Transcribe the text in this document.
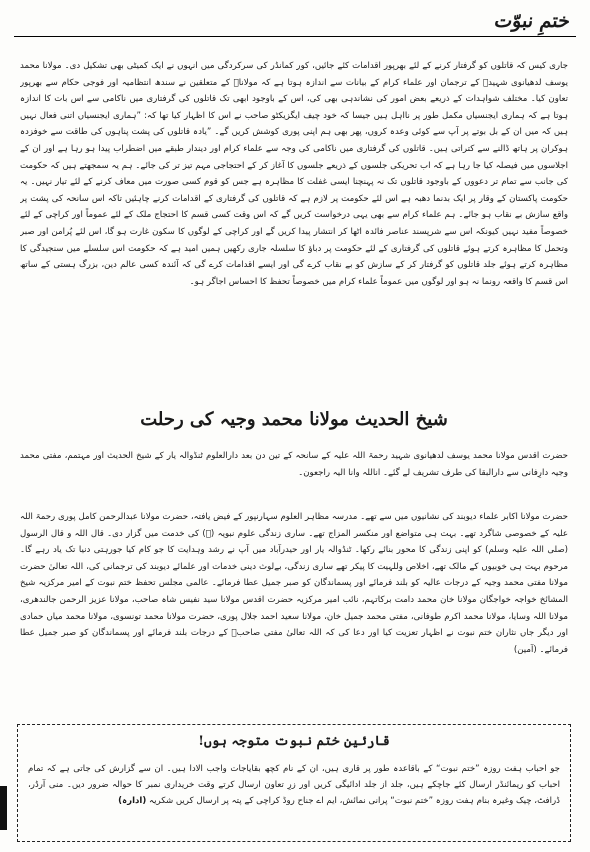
ختمِ نبوّت

جاری کیس کہ قاتلوں کو گرفتار کرنے کے لئے بھرپور اقدامات کئے جائیں، کور کمانڈر کی سرکردگی میں انہوں نے ایک کمیٹی بھی تشکیل دی۔ مولانا محمد یوسف لدھیانوی شہیدؒ کے ترجمان اور علماء کرام کے بیانات سے اندازہ ہوتا ہے کہ مولاناؒ کے متعلقین نے سندھ انتظامیہ اور فوجی حکام سے بھرپور تعاون کیا۔ مختلف شواہدات کے ذریعے بعض امور کی نشاندہی بھی کی، اس کے باوجود ابھی تک قاتلوں کی گرفتاری میں ناکامی سے اس بات کا اندازہ ہوتا ہے کہ ہماری ایجنسیاں مکمل طور پر نااہل ہیں جیسا کہ خود چیف ایگزیکٹو صاحب نے اس کا اظہار کیا تھا کہ: ”ہماری ایجنسیاں اتنی فعال نہیں ہیں کہ میں ان کے بل بوتے پر آپ سے کوئی وعدہ کروں، پھر بھی ہم اپنی پوری کوشش کریں گے۔ ”یادہ قاتلوں کی پشت پناہوں کی طاقت سے خوفزدہ ہوکران پر ہاتھ ڈالنے سے کتراتی ہیں۔ قاتلوں کی گرفتاری میں ناکامی کی وجہ سے علماء کرام اور دیندار طبقے میں اضطراب پیدا ہو رہا ہے اور ان کے اجلاسوں میں فیصلہ کیا جا رہا ہے کہ اب تحریکی جلسوں کے ذریعے جلسوں کا آغاز کر کے احتجاجی مہم تیز تر کی جائے۔ ہم یہ سمجھتے ہیں کہ حکومت کی جانب سے تمام تر دعووں کے باوجود قاتلوں تک نہ پہنچنا ایسی غفلت کا مظاہرہ ہے جس کو قوم کسی صورت میں معاف کرنے کے لئے تیار نہیں۔ یہ حکومت پاکستان کے وقار پر ایک بدنما دھبہ ہے اس لئے حکومت پر لازم ہے کہ قاتلوں کی گرفتاری کے اقدامات کرنے چاہئیں تاکہ اس سانحہ کی پشت پر واقع سازش بے نقاب ہو جائے۔ ہم علماء کرام سے بھی یہی درخواست کریں گے کہ اس وقت کسی قسم کا احتجاج ملک کے لئے عموماً اور کراچی کے لئے خصوصاً مفید نہیں کیونکہ اس سے شرپسند عناصر فائدہ اٹھا کر انتشار پیدا کریں گے اور کراچی کے لوگوں کا سکون غارت ہو گا، اس لئے پُرامن اور صبر وتحمل کا مظاہرہ کرتے ہوئے قاتلوں کی گرفتاری کے لئے حکومت پر دباؤ کا سلسلہ جاری رکھیں ہمیں امید ہے کہ حکومت اس سلسلے میں سنجیدگی کا مظاہرہ کرتے ہوئے جلد قاتلوں کو گرفتار کر کے سازش کو بے نقاب کرے گی اور ایسے اقدامات کرے گی کہ آئندہ کسی عالم دین، بزرگ ہستی کے ساتھ اس قسم کا واقعہ رونما نہ ہو اور لوگوں میں عموماً علماء کرام میں خصوصاً تحفظ کا احساس اجاگر ہو۔

شیخ الحدیث مولانا محمد وجیہ کی رحلت

حضرت اقدس مولانا محمد یوسف لدھیانوی شہید رحمۃ اللہ علیہ کے سانحہ کے تین دن بعد دارالعلوم ٹنڈوالہ یار کے شیخ الحدیث اور مہتمم، مفتی محمد وجیہ دارِفانی سے دارالبقا کی طرف تشریف لے گئے۔ اناللہ وانا الیہ راجعون۔

حضرت مولانا اکابر علماء دیوبند کی نشانیوں میں سے تھے۔ مدرسہ مظاہر العلوم سہارنپور کے فیض یافتہ، حضرت مولانا عبدالرحمن کامل پوری رحمۃ اللہ علیہ کے خصوصی شاگرد تھے۔ بہت ہی متواضع اور منکسر المزاج تھے۔ ساری زندگی علوم نبویہ (ﷺ) کی خدمت میں گزار دی۔ قال اللہ و قال الرسول (صلی اللہ علیہ وسلم) کو اپنی زندگی کا محور بنائے رکھا۔ ٹنڈوالہ یار اور حیدرآباد میں آپ نے رشد وہدایت کا جو کام کیا جورہتی دنیا تک یاد رہے گا۔ مرحوم بہت ہی خوبیوں کے مالک تھے، اخلاص وللہیت کا پیکر تھے ساری زندگی، بےلوث دینی خدمات اور علمائے دیوبند کی ترجمانی کی، اللہ تعالیٰ حضرت مولانا مفتی محمد وجیہ کے درجات عالیہ کو بلند فرمائے اور پسماندگان کو صبر جمیل عطا فرمائے۔ عالمی مجلس تحفظ ختم نبوت کے امیر مرکزیہ شیخ المشائخ خواجہ خواجگان مولانا خان محمد دامت برکاتہم، نائب امیر مرکزیہ حضرت اقدس مولانا سید نفیس شاہ صاحب، مولانا عزیز الرحمن جالندھری، مولانا اللہ وسایا، مولانا محمد اکرم طوفانی، مفتی محمد جمیل خان، مولانا سعید احمد جلال پوری، حضرت مولانا محمد تونسوی، مولانا محمد میاں حمادی اور دیگر جاں نثاران ختم نبوت نے اظہار تعزیت کیا اور دعا کی کہ اللہ تعالیٰ مفتی صاحبؒ کے درجات بلند فرمائے اور پسماندگان کو صبر جمیل عطا فرمائے۔ (آمین)

قارئین ختم نبوت متوجہ ہوں!

جو احباب ہفت روزہ ”ختم نبوت“ کے باقاعدہ طور پر قاری ہیں، ان کے نام کچھ بقایاجات واجب الادا ہیں۔ ان سے گزارش کی جاتی ہے کہ تمام احباب کو ریمائنڈر ارسال کئے جاچکے ہیں، جلد از جلد ادائیگی کریں اور زرِ تعاون ارسال کرتے وقت خریداری نمبر کا حوالہ ضرور دیں۔ منی آرڈر، ڈرافٹ، چیک وغیرہ بنام ہفت روزہ ”ختم نبوت“ پرانی نمائش، ایم اے جناح روڈ کراچی کے پتہ پر ارسال کریں شکریہ (ادارہ)
